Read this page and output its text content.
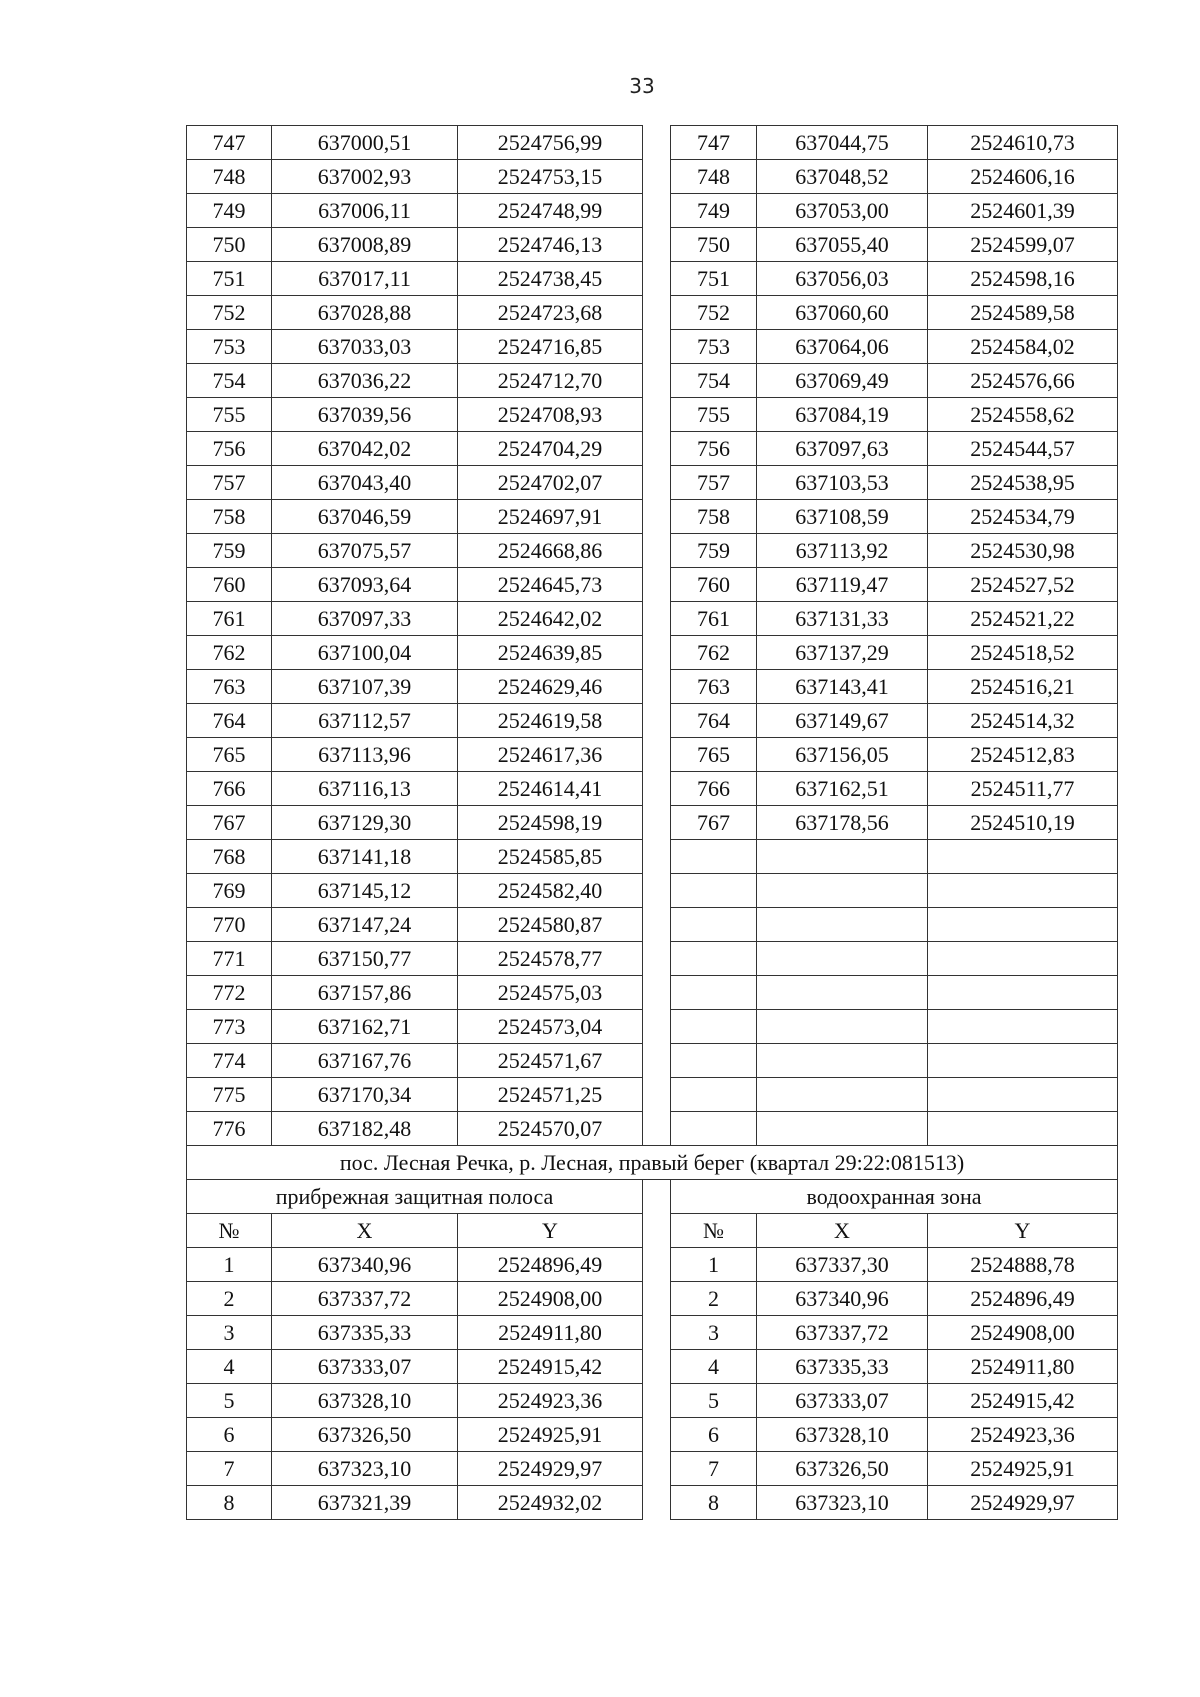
33
747	637000,51	2524756,99		747	637044,75	2524610,73
748	637002,93	2524753,15		748	637048,52	2524606,16
749	637006,11	2524748,99		749	637053,00	2524601,39
750	637008,89	2524746,13		750	637055,40	2524599,07
751	637017,11	2524738,45		751	637056,03	2524598,16
752	637028,88	2524723,68		752	637060,60	2524589,58
753	637033,03	2524716,85		753	637064,06	2524584,02
754	637036,22	2524712,70		754	637069,49	2524576,66
755	637039,56	2524708,93		755	637084,19	2524558,62
756	637042,02	2524704,29		756	637097,63	2524544,57
757	637043,40	2524702,07		757	637103,53	2524538,95
758	637046,59	2524697,91		758	637108,59	2524534,79
759	637075,57	2524668,86		759	637113,92	2524530,98
760	637093,64	2524645,73		760	637119,47	2524527,52
761	637097,33	2524642,02		761	637131,33	2524521,22
762	637100,04	2524639,85		762	637137,29	2524518,52
763	637107,39	2524629,46		763	637143,41	2524516,21
764	637112,57	2524619,58		764	637149,67	2524514,32
765	637113,96	2524617,36		765	637156,05	2524512,83
766	637116,13	2524614,41		766	637162,51	2524511,77
767	637129,30	2524598,19		767	637178,56	2524510,19
768	637141,18	2524585,85				
769	637145,12	2524582,40				
770	637147,24	2524580,87				
771	637150,77	2524578,77				
772	637157,86	2524575,03				
773	637162,71	2524573,04				
774	637167,76	2524571,67				
775	637170,34	2524571,25				
776	637182,48	2524570,07				
пос. Лесная Речка, р. Лесная, правый берег (квартал 29:22:081513)						
прибрежная защитная полоса				водоохранная зона		
№	X	Y		№	X	Y
1	637340,96	2524896,49		1	637337,30	2524888,78
2	637337,72	2524908,00		2	637340,96	2524896,49
3	637335,33	2524911,80		3	637337,72	2524908,00
4	637333,07	2524915,42		4	637335,33	2524911,80
5	637328,10	2524923,36		5	637333,07	2524915,42
6	637326,50	2524925,91		6	637328,10	2524923,36
7	637323,10	2524929,97		7	637326,50	2524925,91
8	637321,39	2524932,02		8	637323,10	2524929,97
